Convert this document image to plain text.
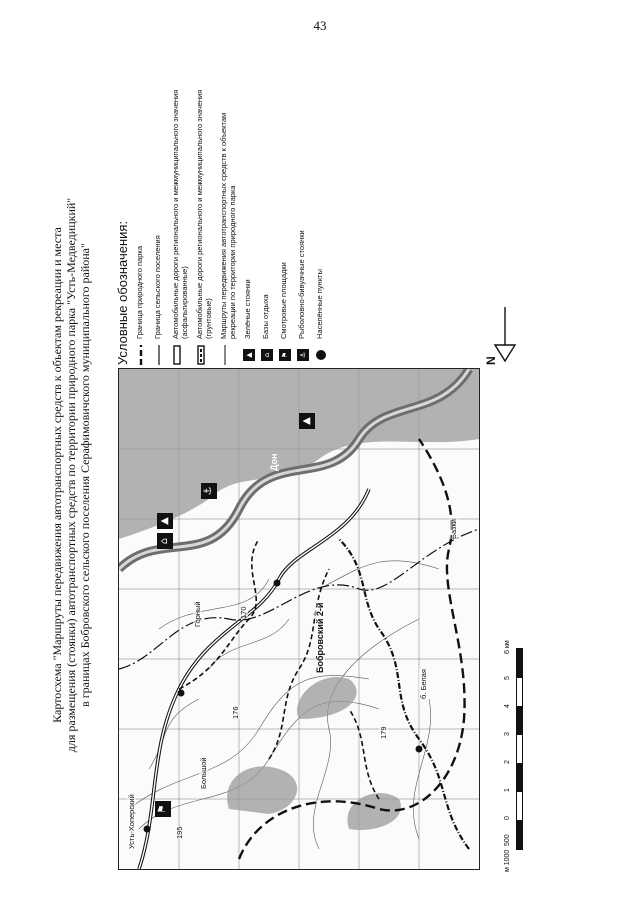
43
Картосхема "Маршруты передвижения автотранспортных средств к объектам рекреации и места для размещения (стоянки) автотранспортных средств по территории природного парка "Усть-Медведицкий" в границах Бобровского сельского поселения Серафимовичского муниципального района"	Бобровский 2-й
Горный
Дон
Усть-Хоперский
176
179
195
б. Белая
Базки
Большой
170
⚑
⌂
▲
⚓
▲
м 1000
500
0
1
2
3
4
5
6 км
Условные обозначения: Граница природного парка Граница сельского поселения Автомобильные дороги регионального и межмуниципального значения (асфальтированные) Автомобильные дороги регионального и межмуниципального значения (грунтовые) Маршруты передвижения автотранспортных средств к объектам рекреации по территории природного парка
▲
Зелёные стоянки
⌂
Базы отдыха
⚑
Смотровые площадки
⚓
Рыболовно-бивуачные стоянки Населённые пункты
N
